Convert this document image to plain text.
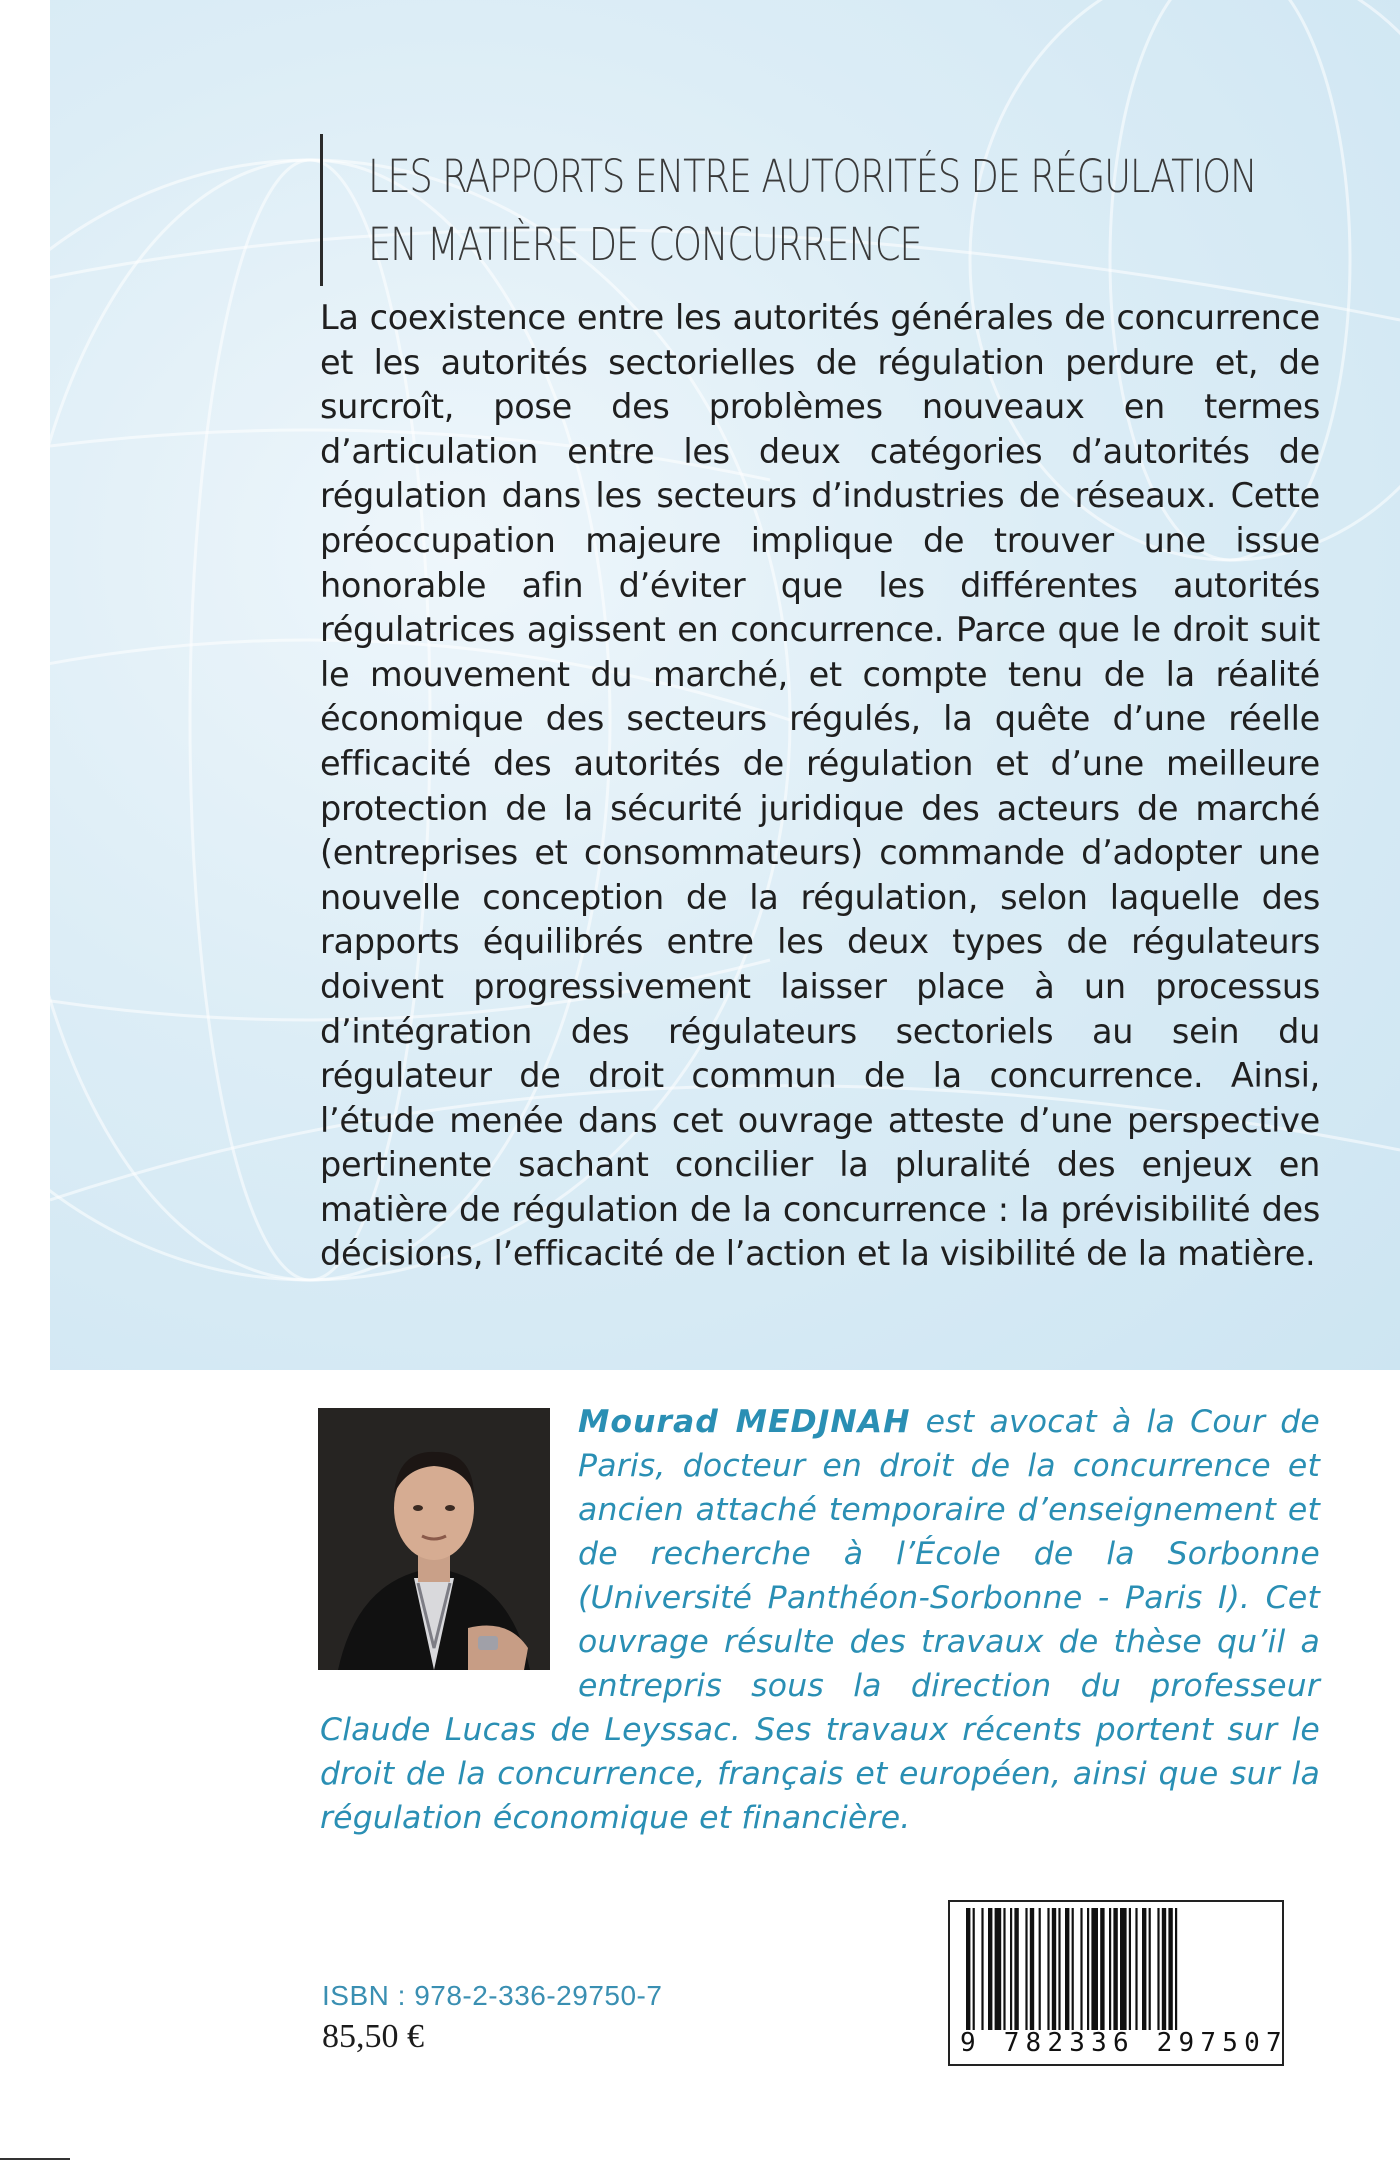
LES RAPPORTS ENTRE AUTORITÉS DE RÉGULATION
EN MATIÈRE DE CONCURRENCE
La coexistence entre les autorités générales de concurrence et les autorités sectorielles de régulation perdure et, de surcroît, pose des problèmes nouveaux en termes d’articulation entre les deux catégories d’autorités de régulation dans les secteurs d’industries de réseaux. Cette préoccupation majeure implique de trouver une issue honorable afin d’éviter que les différentes autorités régulatrices agissent en concurrence. Parce que le droit suit le mouvement du marché, et compte tenu de la réalité économique des secteurs régulés, la quête d’une réelle efficacité des autorités de régulation et d’une meilleure protection de la sécurité juridique des acteurs de marché (entreprises et consommateurs) commande d’adopter une nouvelle conception de la régulation, selon laquelle des rapports équilibrés entre les deux types de régulateurs doivent progressivement laisser place à un processus d’intégration des régulateurs sectoriels au sein du régulateur de droit commun de la concurrence. Ainsi, l’étude menée dans cet ouvrage atteste d’une perspective pertinente sachant concilier la pluralité des enjeux en matière de régulation de la concurrence : la prévisibilité des décisions, l’efficacité de l’action et la visibilité de la matière.
Mourad MEDJNAH est avocat à la Cour de Paris, docteur en droit de la concurrence et ancien attaché temporaire d’enseignement et de recherche à l’École de la Sorbonne (Université Panthéon-Sorbonne - Paris I). Cet ouvrage résulte des travaux de thèse qu’il a entrepris sous la direction du professeur Claude Lucas de Leyssac. Ses travaux récents portent sur le droit de la concurrence, français et européen, ainsi que sur la régulation économique et financière.
ISBN : 978-2-336-29750-7
85,50 €	9 782336 297507
